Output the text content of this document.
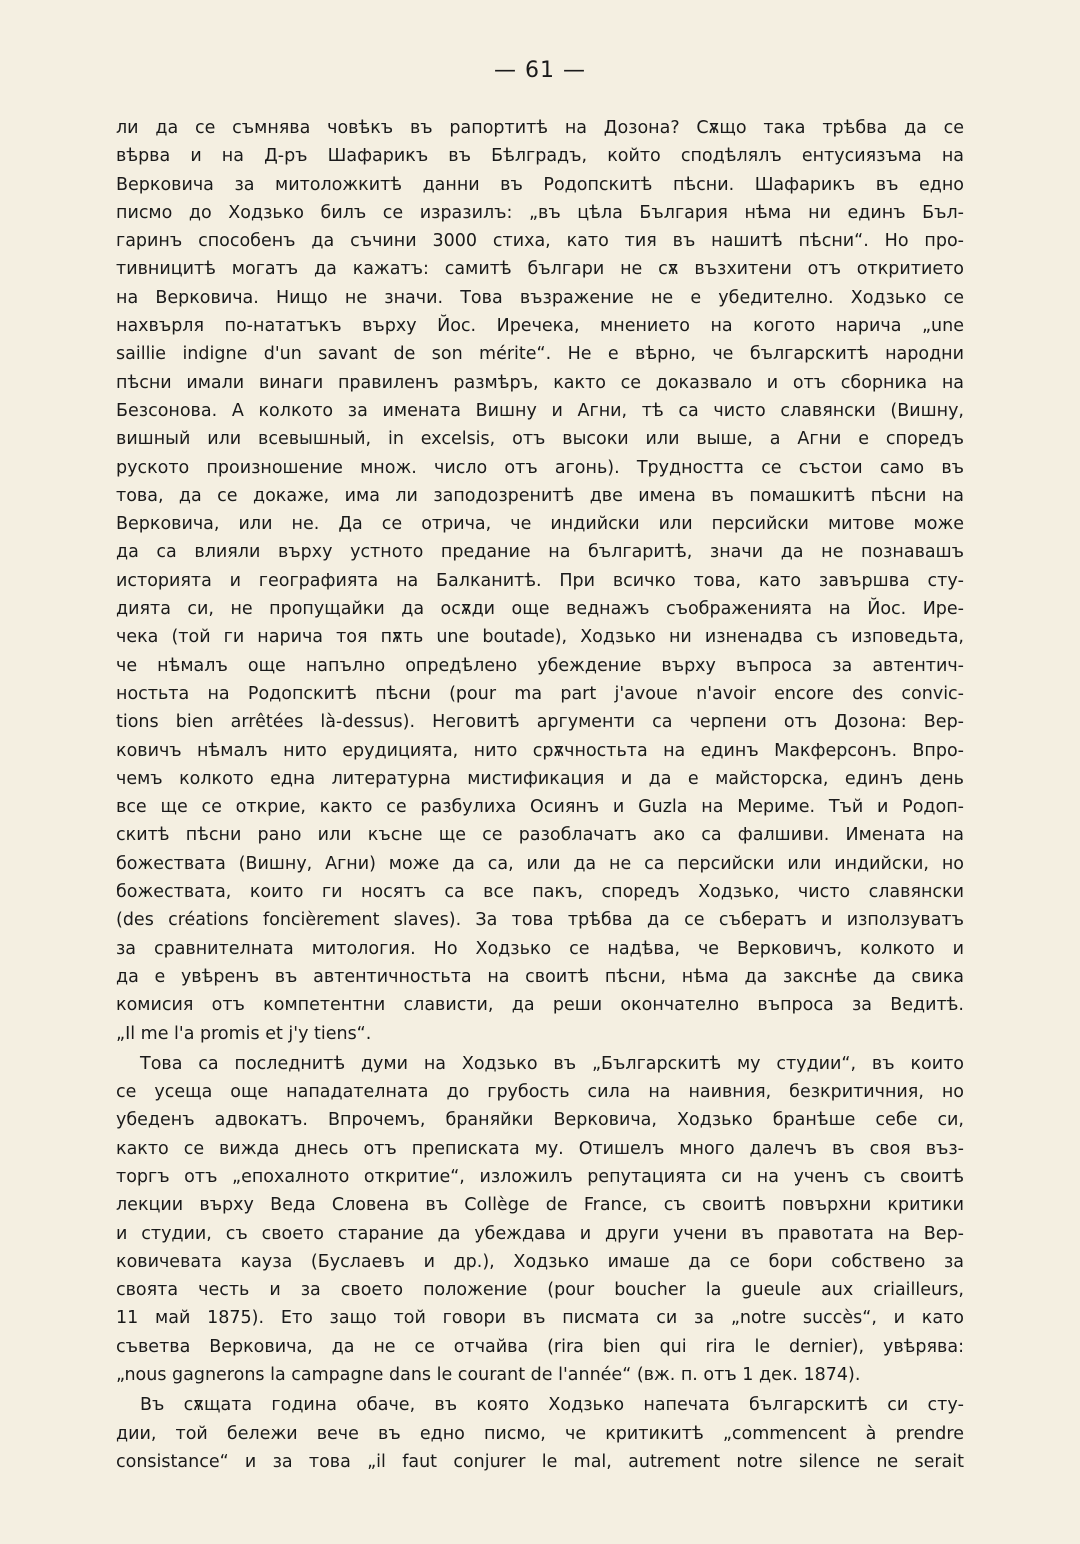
— 61 —
ли да се съмнява човѣкъ въ рапортитѣ на Дозона? Сѫщо така трѣбва да се
вѣрва и на Д-ръ Шафарикъ въ Бѣлградъ, който сподѣлялъ ентусиязъма на
Верковича за митоложкитѣ данни въ Родопскитѣ пѣсни. Шафарикъ въ едно
писмо до Ходзько билъ се изразилъ: „въ цѣла България нѣма ни единъ Бъл-
гаринъ способенъ да съчини 3000 стиха, като тия въ нашитѣ пѣсни“. Но про-
тивницитѣ могатъ да кажатъ: самитѣ българи не сѫ възхитени отъ откритието
на Верковича. Нищо не значи. Това възражение не е убедително. Ходзько се
нахвърля по-нататъкъ върху Йос. Иречека, мнението на когото нарича „une
saillie indigne d'un savant de son mérite“. Не е вѣрно, че българскитѣ народни
пѣсни имали винаги правиленъ размѣръ, както се доказвало и отъ сборника на
Безсонова. А колкото за имената Вишну и Агни, тѣ са чисто славянски (Вишну,
вишный или всевышный, in excelsis, отъ высоки или выше, а Агни е споредъ
руското произношение множ. число отъ агонь). Трудността се състои само въ
това, да се докаже, има ли заподозренитѣ две имена въ помашкитѣ пѣсни на
Верковича, или не. Да се отрича, че индийски или персийски митове може
да са влияли върху устното предание на българитѣ, значи да не познавашъ
историята и географията на Балканитѣ. При всичко това, като завършва сту-
дията си, не пропущайки да осѫди още веднажъ съображенията на Йос. Ире-
чека (той ги нарича тоя пѫть une boutade), Ходзько ни изненадва съ изповедьта,
че нѣмалъ още напълно опредѣлено убеждение върху въпроса за автентич-
ностьта на Родопскитѣ пѣсни (pour ma part j'avoue n'avoir encore des convic-
tions bien arrêtées là-dessus). Неговитѣ аргументи са черпени отъ Дозона: Вер-
ковичъ нѣмалъ нито ерудицията, нито срѫчностьта на единъ Макферсонъ. Впро-
чемъ колкото една литературна мистификация и да е майсторска, единъ день
все ще се открие, както се разбулиха Осиянъ и Guzla на Мериме. Тъй и Родоп-
скитѣ пѣсни рано или късне ще се разоблачатъ ако са фалшиви. Имената на
божествата (Вишну, Агни) може да са, или да не са персийски или индийски, но
божествата, които ги носятъ са все пакъ, споредъ Ходзько, чисто славянски
(des créations foncièrement slaves). За това трѣбва да се събератъ и използуватъ
за сравнителната митология. Но Ходзько се надѣва, че Верковичъ, колкото и
да е увѣренъ въ автентичностьта на своитѣ пѣсни, нѣма да закснѣе да свика
комисия отъ компетентни слависти, да реши окончателно въпроса за Ведитѣ.
„Il me l'a promis et j'y tiens“.
Това са последнитѣ думи на Ходзько въ „Българскитѣ му студии“, въ които
се усеща още нападателната до грубость сила на наивния, безкритичния, но
убеденъ адвокатъ. Впрочемъ, браняйки Верковича, Ходзько бранѣше себе си,
както се вижда днесь отъ преписката му. Отишелъ много далечъ въ своя въз-
торгъ отъ „епохалното откритие“, изложилъ репутацията си на ученъ съ своитѣ
лекции върху Веда Словена въ Collège de France, съ своитѣ повърхни критики
и студии, съ своето старание да убеждава и други учени въ правотата на Вер-
ковичевата кауза (Буслаевъ и др.), Ходзько имаше да се бори собствено за
своята честь и за своето положение (pour boucher la gueule aux criailleurs,
11 май 1875). Ето защо той говори въ писмата си за „notre succès“, и като
съветва Верковича, да не се отчайва (rira bien qui rira le dernier), увѣрява:
„nous gagnerons la campagne dans le courant de l'année“ (вж. п. отъ 1 дек. 1874).
Въ сѫщата година обаче, въ която Ходзько напечата българскитѣ си сту-
дии, той бележи вече въ едно писмо, че критикитѣ „commencent à prendre
consistance“ и за това „il faut conjurer le mal, autrement notre silence ne serait
